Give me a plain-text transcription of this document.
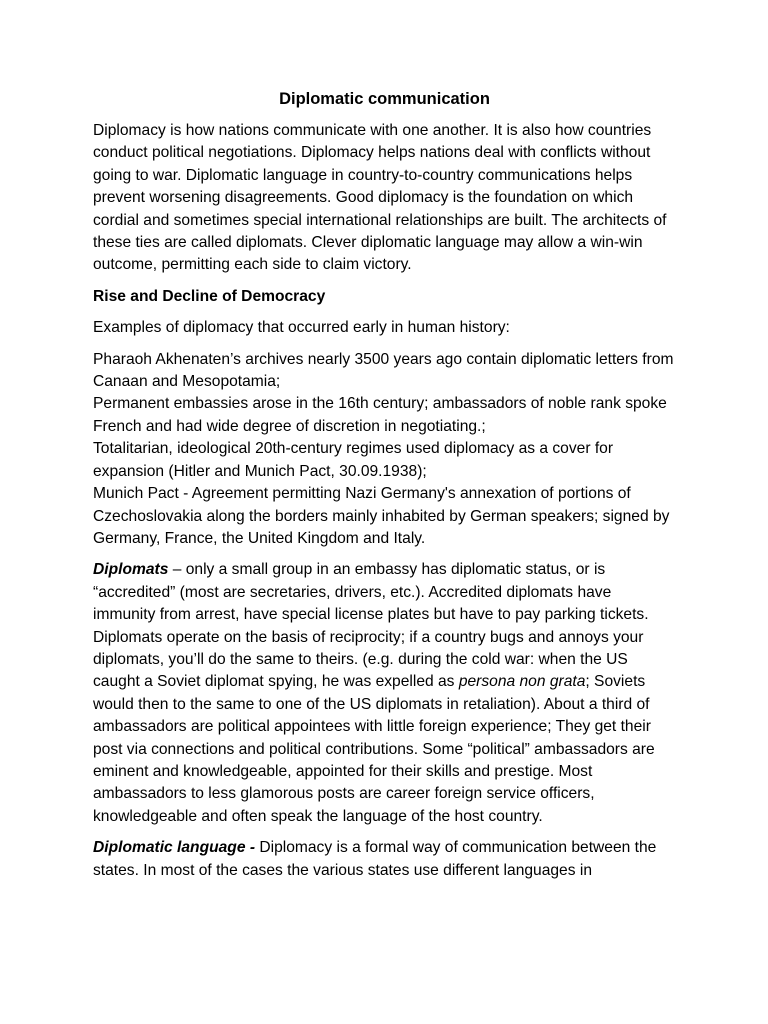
Diplomatic communication

Diplomacy is how nations communicate with one another. It is also how countries conduct political negotiations. Diplomacy helps nations deal with conflicts without going to war. Diplomatic language in country-to-country communications helps prevent worsening disagreements. Good diplomacy is the foundation on which cordial and sometimes special international relationships are built. The architects of these ties are called diplomats. Clever diplomatic language may allow a win-win outcome, permitting each side to claim victory.

Rise and Decline of Democracy

Examples of diplomacy that occurred early in human history:

Pharaoh Akhenaten’s archives nearly 3500 years ago contain diplomatic letters from Canaan and Mesopotamia;
Permanent embassies arose in the 16th century; ambassadors of noble rank spoke French and had wide degree of discretion in negotiating.;
Totalitarian, ideological 20th-century regimes used diplomacy as a cover for expansion (Hitler and Munich Pact, 30.09.1938);
Munich Pact - Agreement permitting Nazi Germany's annexation of portions of Czechoslovakia along the borders mainly inhabited by German speakers; signed by Germany, France, the United Kingdom and Italy.

Diplomats – only a small group in an embassy has diplomatic status, or is “accredited” (most are secretaries, drivers, etc.). Accredited diplomats have immunity from arrest, have special license plates but have to pay parking tickets. Diplomats operate on the basis of reciprocity; if a country bugs and annoys your diplomats, you’ll do the same to theirs. (e.g. during the cold war: when the US caught a Soviet diplomat spying, he was expelled as persona non grata; Soviets would then to the same to one of the US diplomats in retaliation). About a third of ambassadors are political appointees with little foreign experience; They get their post via connections and political contributions. Some “political” ambassadors are eminent and knowledgeable, appointed for their skills and prestige. Most ambassadors to less glamorous posts are career foreign service officers, knowledgeable and often speak the language of the host country.

Diplomatic language - Diplomacy is a formal way of communication between the states. In most of the cases the various states use different languages in
